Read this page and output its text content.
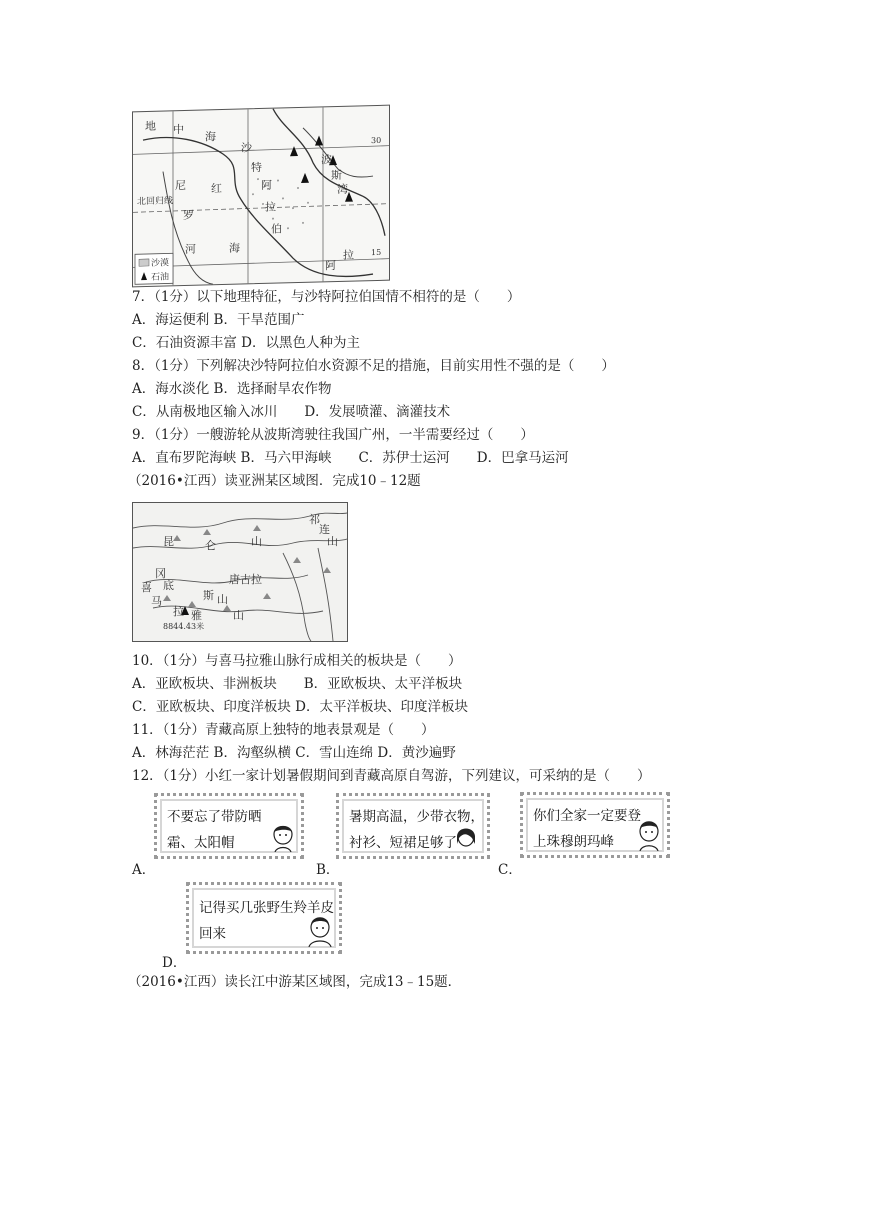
地 中
海
沙
特
阿
拉
伯
波
斯
湾
尼
罗
河
红
海
阿
拉
北回归线
沙漠
石油
30
15
7．（1分）以下地理特征，与沙特阿拉伯国情不相符的是（　　）
A．海运便利 B．干旱范围广
C．石油资源丰富 D．以黑色人种为主
8．（1分）下列解决沙特阿拉伯水资源不足的措施，目前实用性不强的是（　　）
A．海水淡化 B．选择耐旱农作物
C．从南极地区输入冰川　　D．发展喷灌、滴灌技术
9．（1分）一艘游轮从波斯湾驶往我国广州，一半需要经过（　　）
A．直布罗陀海峡 B．马六甲海峡　　C．苏伊士运河　　D．巴拿马运河
（2016•江西）读亚洲某区域图．完成10﹣12题
祁
连
山
昆	仑	山
唐古拉
冈
底
斯 山
喜
马
拉 雅	山
8844.43米
10．（1分）与喜马拉雅山脉行成相关的板块是（　　）
A．亚欧板块、非洲板块　　B．亚欧板块、太平洋板块
C．亚欧板块、印度洋板块 D．太平洋板块、印度洋板块
11．（1分）青藏高原上独特的地表景观是（　　）
A．林海茫茫 B．沟壑纵横 C．雪山连绵 D．黄沙遍野
12．（1分）小红一家计划暑假期间到青藏高原自驾游，下列建议，可采纳的是（　　）
A．
不要忘了带防晒霜、太阳帽
B．
暑期高温，少带衣物，衬衫、短裙足够了
C．
你们全家一定要登上珠穆朗玛峰
D．
记得买几张野生羚羊皮回来
（2016•江西）读长江中游某区域图，完成13﹣15题．
